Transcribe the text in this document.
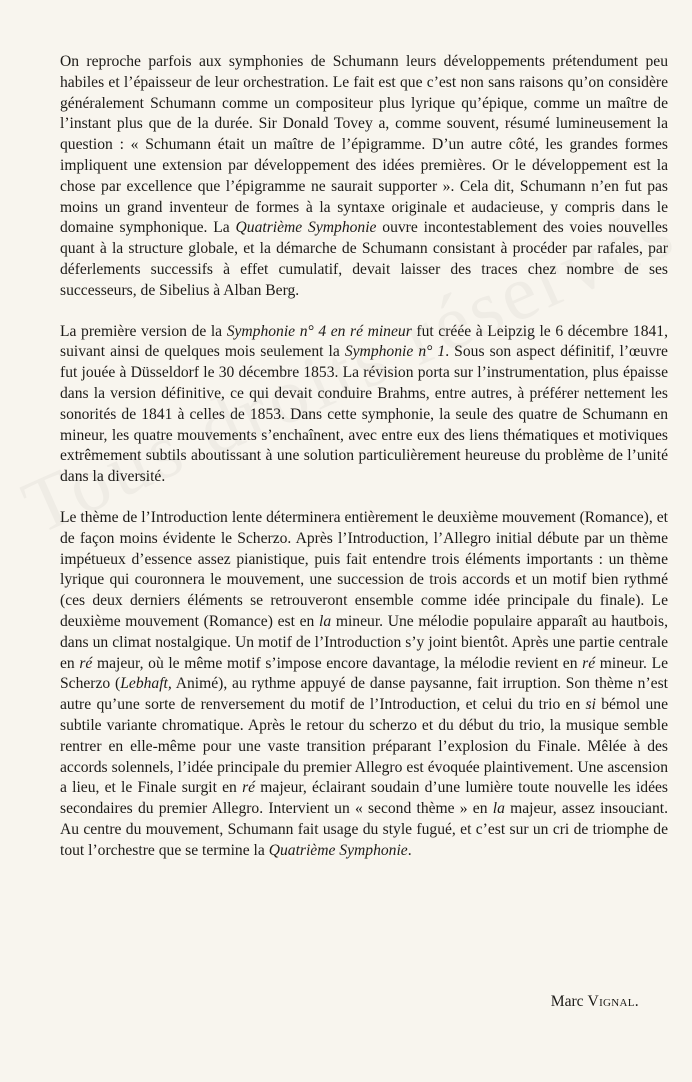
On reproche parfois aux symphonies de Schumann leurs développements prétendument peu habiles et l’épaisseur de leur orchestration. Le fait est que c’est non sans raisons qu’on considère généralement Schumann comme un compositeur plus lyrique qu’épique, comme un maître de l’instant plus que de la durée. Sir Donald Tovey a, comme souvent, résumé lumineusement la question : « Schumann était un maître de l’épigramme. D’un autre côté, les grandes formes impliquent une extension par développement des idées premières. Or le développement est la chose par excellence que l’épigramme ne saurait supporter ». Cela dit, Schumann n’en fut pas moins un grand inventeur de formes à la syntaxe originale et audacieuse, y compris dans le domaine symphonique. La Quatrième Symphonie ouvre incontestablement des voies nouvelles quant à la structure globale, et la démarche de Schumann consistant à procéder par rafales, par déferlements successifs à effet cumulatif, devait laisser des traces chez nombre de ses successeurs, de Sibelius à Alban Berg.

La première version de la Symphonie n° 4 en ré mineur fut créée à Leipzig le 6 décembre 1841, suivant ainsi de quelques mois seulement la Symphonie n° 1. Sous son aspect définitif, l’œuvre fut jouée à Düsseldorf le 30 décembre 1853. La révision porta sur l’instrumentation, plus épaisse dans la version définitive, ce qui devait conduire Brahms, entre autres, à préférer nettement les sonorités de 1841 à celles de 1853. Dans cette symphonie, la seule des quatre de Schumann en mineur, les quatre mouvements s’enchaînent, avec entre eux des liens thématiques et motiviques extrêmement subtils aboutissant à une solution particulièrement heureuse du problème de l’unité dans la diversité.

Le thème de l’Introduction lente déterminera entièrement le deuxième mouvement (Romance), et de façon moins évidente le Scherzo. Après l’Introduction, l’Allegro initial débute par un thème impétueux d’essence assez pianistique, puis fait entendre trois éléments importants : un thème lyrique qui couronnera le mouvement, une succession de trois accords et un motif bien rythmé (ces deux derniers éléments se retrouveront ensemble comme idée principale du finale). Le deuxième mouvement (Romance) est en la mineur. Une mélodie populaire apparaît au hautbois, dans un climat nostalgique. Un motif de l’Introduction s’y joint bientôt. Après une partie centrale en ré majeur, où le même motif s’impose encore davantage, la mélodie revient en ré mineur. Le Scherzo (Lebhaft, Animé), au rythme appuyé de danse paysanne, fait irruption. Son thème n’est autre qu’une sorte de renversement du motif de l’Introduction, et celui du trio en si bémol une subtile variante chromatique. Après le retour du scherzo et du début du trio, la musique semble rentrer en elle-même pour une vaste transition préparant l’explosion du Finale. Mêlée à des accords solennels, l’idée principale du premier Allegro est évoquée plaintivement. Une ascension a lieu, et le Finale surgit en ré majeur, éclairant soudain d’une lumière toute nouvelle les idées secondaires du premier Allegro. Intervient un « second thème » en la majeur, assez insouciant. Au centre du mouvement, Schumann fait usage du style fugué, et c’est sur un cri de triomphe de tout l’orchestre que se termine la Quatrième Symphonie.

Marc Vignal.
